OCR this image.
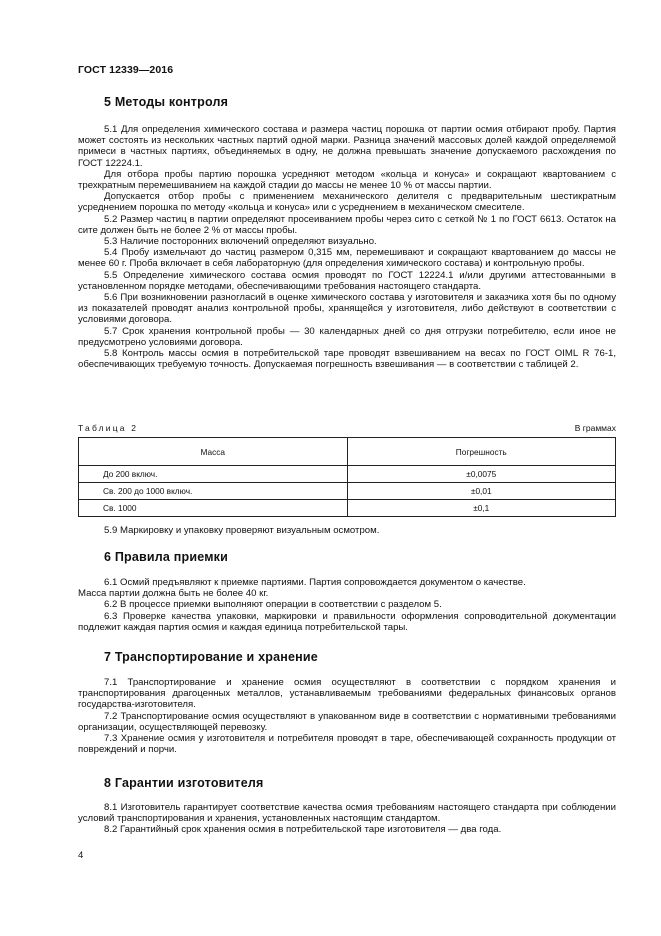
ГОСТ 12339—2016
5 Методы контроля

5.1 Для определения химического состава и размера частиц порошка от партии осмия отбирают пробу. Партия может состоять из нескольких частных партий одной марки. Разница значений массовых долей каждой определяемой примеси в частных партиях, объединяемых в одну, не должна превышать значение допускаемого расхождения по ГОСТ 12224.1.

Для отбора пробы партию порошка усредняют методом «кольца и конуса» и сокращают квартованием с трехкратным перемешиванием на каждой стадии до массы не менее 10 % от массы партии.

Допускается отбор пробы с применением механического делителя с предварительным шестикратным усреднением порошка по методу «кольца и конуса» или с усреднением в механическом смесителе.

5.2 Размер частиц в партии определяют просеиванием пробы через сито с сеткой № 1 по ГОСТ 6613. Остаток на сите должен быть не более 2 % от массы пробы.

5.3 Наличие посторонних включений определяют визуально.

5.4 Пробу измельчают до частиц размером 0,315 мм, перемешивают и сокращают квартованием до массы не менее 60 г. Проба включает в себя лабораторную (для определения химического состава) и контрольную пробы.

5.5 Определение химического состава осмия проводят по ГОСТ 12224.1 и/или другими аттестованными в установленном порядке методами, обеспечивающими требования настоящего стандарта.

5.6 При возникновении разногласий в оценке химического состава у изготовителя и заказчика хотя бы по одному из показателей проводят анализ контрольной пробы, хранящейся у изготовителя, либо действуют в соответствии с условиями договора.

5.7 Срок хранения контрольной пробы — 30 календарных дней со дня отгрузки потребителю, если иное не предусмотрено условиями договора.

5.8 Контроль массы осмия в потребительской таре проводят взвешиванием на весах по ГОСТ OIML R 76-1, обеспечивающих требуемую точность. Допускаемая погрешность взвешивания — в соответствии с таблицей 2.

Таблица 2	В граммах
Масса	Погрешность
До 200 включ.	±0,0075
Св. 200 до 1000 включ.	±0,01
Св. 1000	±0,1

5.9 Маркировку и упаковку проверяют визуальным осмотром.

6 Правила приемки

6.1 Осмий предъявляют к приемке партиями. Партия сопровождается документом о качестве.

Масса партии должна быть не более 40 кг.

6.2 В процессе приемки выполняют операции в соответствии с разделом 5.

6.3 Проверке качества упаковки, маркировки и правильности оформления сопроводительной документации подлежит каждая партия осмия и каждая единица потребительской тары.

7 Транспортирование и хранение

7.1 Транспортирование и хранение осмия осуществляют в соответствии с порядком хранения и транспортирования драгоценных металлов, устанавливаемым требованиями федеральных финансовых органов государства-изготовителя.

7.2 Транспортирование осмия осуществляют в упакованном виде в соответствии с нормативными требованиями организации, осуществляющей перевозку.

7.3 Хранение осмия у изготовителя и потребителя проводят в таре, обеспечивающей сохранность продукции от повреждений и порчи.

8 Гарантии изготовителя

8.1 Изготовитель гарантирует соответствие качества осмия требованиям настоящего стандарта при соблюдении условий транспортирования и хранения, установленных настоящим стандартом.

8.2 Гарантийный срок хранения осмия в потребительской таре изготовителя — два года.

4
